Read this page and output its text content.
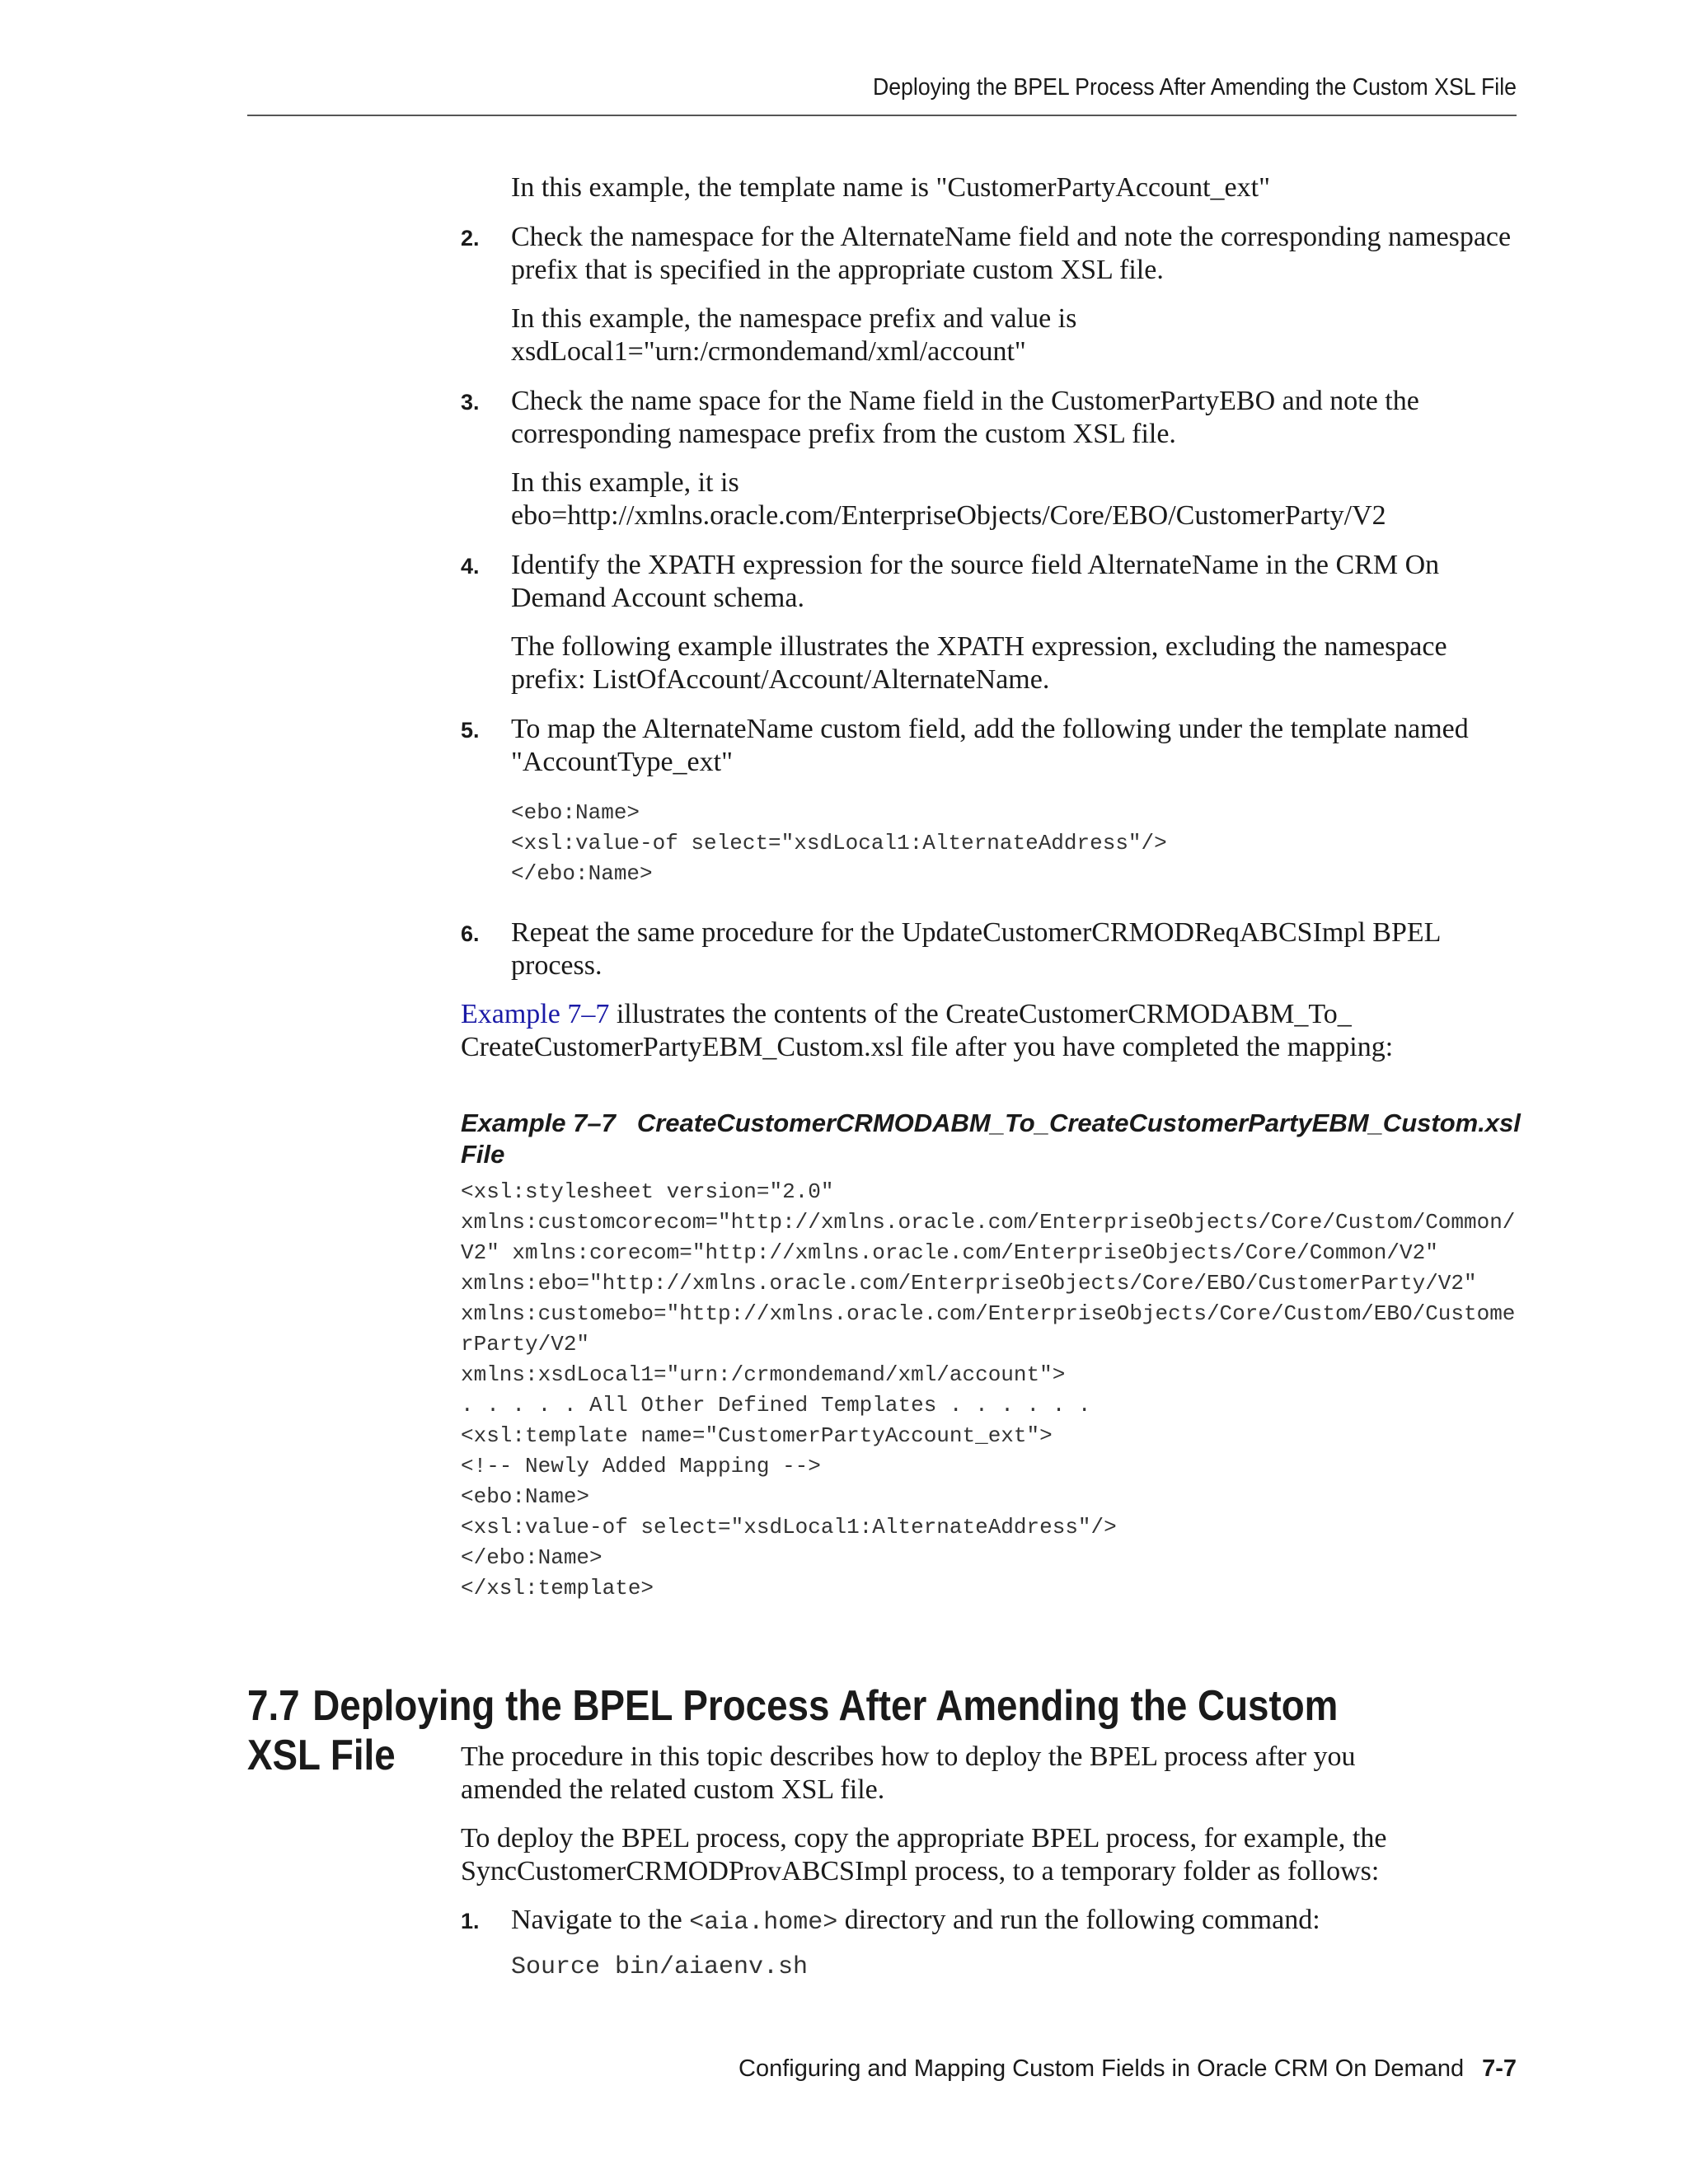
Deploying the BPEL Process After Amending the Custom XSL File
In this example, the template name is "CustomerPartyAccount_ext"
2. Check the namespace for the AlternateName field and note the corresponding namespace prefix that is specified in the appropriate custom XSL file.
In this example, the namespace prefix and value is xsdLocal1="urn:/crmondemand/xml/account"
3. Check the name space for the Name field in the CustomerPartyEBO and note the corresponding namespace prefix from the custom XSL file.
In this example, it is
ebo=http://xmlns.oracle.com/EnterpriseObjects/Core/EBO/CustomerParty/V2
4. Identify the XPATH expression for the source field AlternateName in the CRM On Demand Account schema.
The following example illustrates the XPATH expression, excluding the namespace prefix: ListOfAccount/Account/AlternateName.
5. To map the AlternateName custom field, add the following under the template named "AccountType_ext"
<ebo:Name>
<xsl:value-of select="xsdLocal1:AlternateAddress"/>
</ebo:Name>
6. Repeat the same procedure for the UpdateCustomerCRMODReqABCSImpl BPEL process.
Example 7–7 illustrates the contents of the CreateCustomerCRMODABM_To_
CreateCustomerPartyEBM_Custom.xsl file after you have completed the mapping:
Example 7–7 CreateCustomerCRMODABM_To_CreateCustomerPartyEBM_Custom.xsl
File
<xsl:stylesheet version="2.0"
xmlns:customcorecom="http://xmlns.oracle.com/EnterpriseObjects/Core/Custom/Common/
V2" xmlns:corecom="http://xmlns.oracle.com/EnterpriseObjects/Core/Common/V2"
xmlns:ebo="http://xmlns.oracle.com/EnterpriseObjects/Core/EBO/CustomerParty/V2"
xmlns:customebo="http://xmlns.oracle.com/EnterpriseObjects/Core/Custom/EBO/Custome
rParty/V2"
xmlns:xsdLocal1="urn:/crmondemand/xml/account">
. . . . . All Other Defined Templates . . . . . .
<xsl:template name="CustomerPartyAccount_ext">
<!-- Newly Added Mapping -->
<ebo:Name>
<xsl:value-of select="xsdLocal1:AlternateAddress"/>
</ebo:Name>
</xsl:template>
7.7 Deploying the BPEL Process After Amending the Custom XSL File	The procedure in this topic describes how to deploy the BPEL process after you amended the related custom XSL file.
To deploy the BPEL process, copy the appropriate BPEL process, for example, the SyncCustomerCRMODProvABCSImpl process, to a temporary folder as follows:
1. Navigate to the <aia.home> directory and run the following command:
Source bin/aiaenv.sh
Configuring and Mapping Custom Fields in Oracle CRM On Demand 7-7
